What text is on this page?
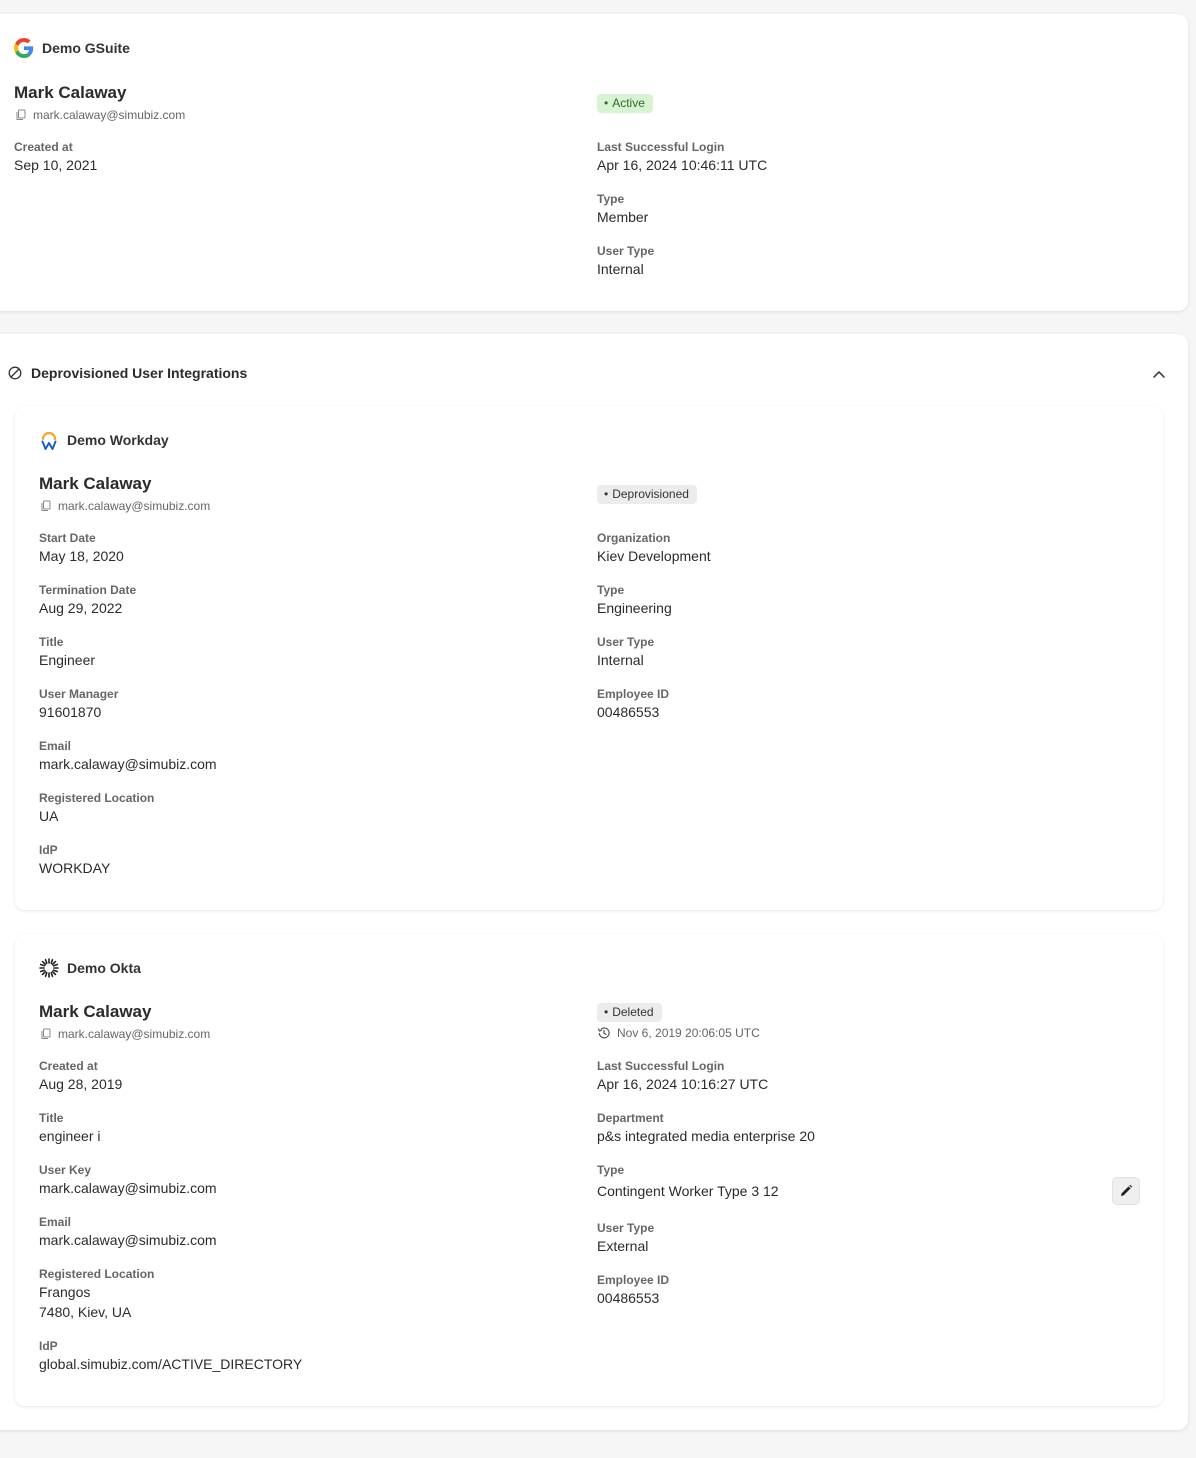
Demo GSuite
Mark Calaway
mark.calaway@simubiz.com
Created at
Sep 10, 2021
• Active
Last Successful Login
Apr 16, 2024 10:46:11 UTC
Type
Member
User Type
Internal
Deprovisioned User Integrations
Demo Workday
Mark Calaway
mark.calaway@simubiz.com
Start Date
May 18, 2020
Termination Date
Aug 29, 2022
Title
Engineer
User Manager
91601870
Email
mark.calaway@simubiz.com
Registered Location
UA
IdP
WORKDAY
• Deprovisioned
Organization
Kiev Development
Type
Engineering
User Type
Internal
Employee ID
00486553
Demo Okta
Mark Calaway
mark.calaway@simubiz.com
Created at
Aug 28, 2019
Title
engineer i
User Key
mark.calaway@simubiz.com
Email
mark.calaway@simubiz.com
Registered Location
Frangos
7480, Kiev, UA
IdP
global.simubiz.com/ACTIVE_DIRECTORY
• Deleted
Nov 6, 2019 20:06:05 UTC
Last Successful Login
Apr 16, 2024 10:16:27 UTC
Department
p&s integrated media enterprise 20
Type
Contingent Worker Type 3 12
User Type
External
Employee ID
00486553
